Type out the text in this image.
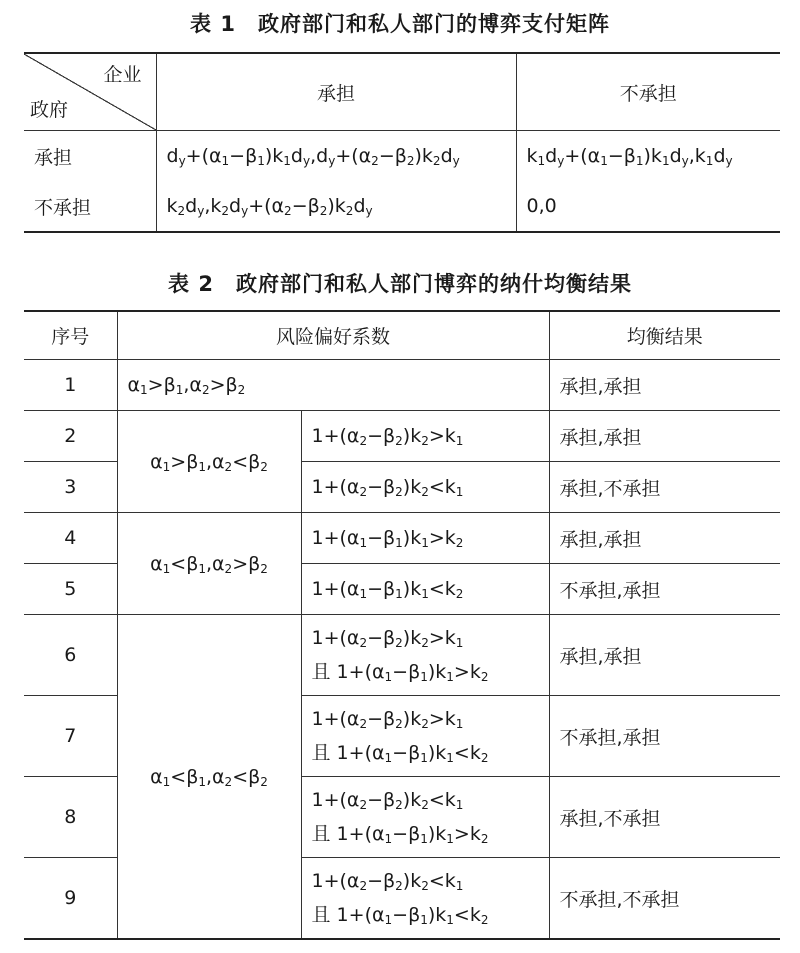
表 1　政府部门和私人部门的博弈支付矩阵
企业
政府	承担	不承担
承担	$d_y+(\alpha_1-\beta_1)k_1d_y,d_y+(\alpha_2-\beta_2)k_2d_y$	$k_1d_y+(\alpha_1-\beta_1)k_1d_y,k_1d_y$
不承担	$k_2d_y,k_2d_y+(\alpha_2-\beta_2)k_2d_y$	0,0
表 2　政府部门和私人部门博弈的纳什均衡结果
序号	风险偏好系数		均衡结果
1	$\alpha_1>\beta_1,\alpha_2>\beta_2$		承担,承担
2	$\alpha_1>\beta_1,\alpha_2<\beta_2$	$1+(\alpha_2-\beta_2)k_2>k_1$	承担,承担
3		$1+(\alpha_2-\beta_2)k_2<k_1$	承担,不承担
4	$\alpha_1<\beta_1,\alpha_2>\beta_2$	$1+(\alpha_1-\beta_1)k_1>k_2$	承担,承担
5		$1+(\alpha_1-\beta_1)k_1<k_2$	不承担,承担
6	$\alpha_1<\beta_1,\alpha_2<\beta_2$	$1+(\alpha_2-\beta_2)k_2>k_1$
且 $1+(\alpha_1-\beta_1)k_1>k_2$	承担,承担
7		$1+(\alpha_2-\beta_2)k_2>k_1$
且 $1+(\alpha_1-\beta_1)k_1<k_2$	不承担,承担
8		$1+(\alpha_2-\beta_2)k_2<k_1$
且 $1+(\alpha_1-\beta_1)k_1>k_2$	承担,不承担
9		$1+(\alpha_2-\beta_2)k_2<k_1$
且 $1+(\alpha_1-\beta_1)k_1<k_2$	不承担,不承担
